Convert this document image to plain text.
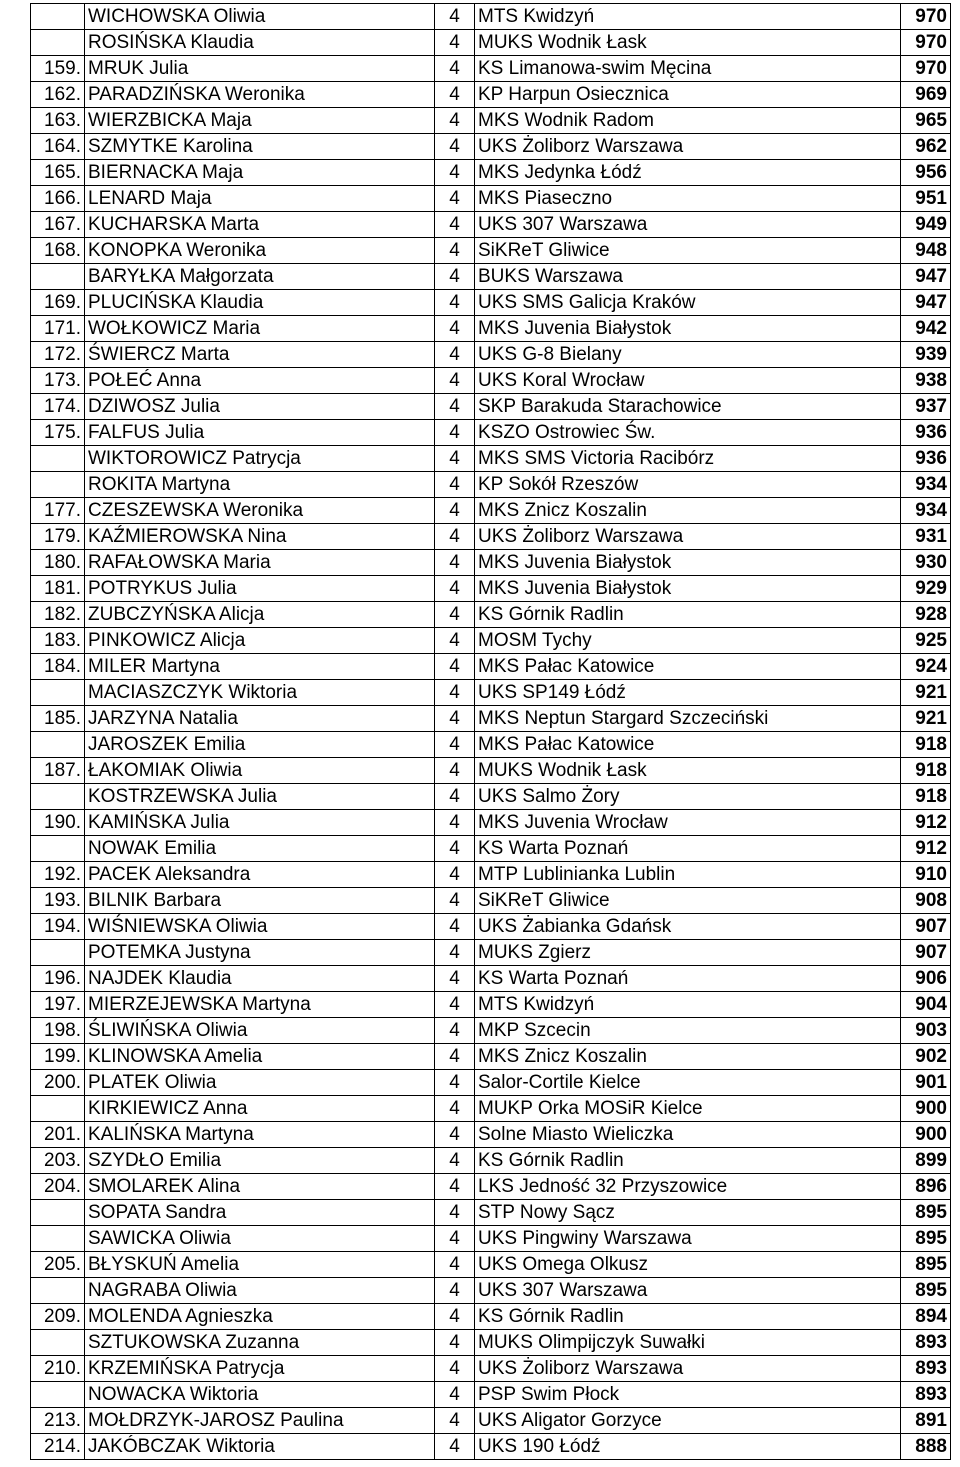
	WICHOWSKA Oliwia	4	MTS Kwidzyń	970
	ROSIŃSKA Klaudia	4	MUKS Wodnik Łask	970
159.	MRUK Julia	4	KS Limanowa-swim Męcina	970
162.	PARADZIŃSKA Weronika	4	KP Harpun Osiecznica	969
163.	WIERZBICKA Maja	4	MKS Wodnik Radom	965
164.	SZMYTKE Karolina	4	UKS Żoliborz Warszawa	962
165.	BIERNACKA Maja	4	MKS Jedynka Łódź	956
166.	LENARD Maja	4	MKS Piaseczno	951
167.	KUCHARSKA Marta	4	UKS 307 Warszawa	949
168.	KONOPKA Weronika	4	SiKReT Gliwice	948
	BARYŁKA Małgorzata	4	BUKS Warszawa	947
169.	PLUCIŃSKA Klaudia	4	UKS SMS Galicja Kraków	947
171.	WOŁKOWICZ Maria	4	MKS Juvenia Białystok	942
172.	ŚWIERCZ Marta	4	UKS G-8 Bielany	939
173.	POŁEĆ Anna	4	UKS Koral Wrocław	938
174.	DZIWOSZ Julia	4	SKP Barakuda Starachowice	937
175.	FALFUS Julia	4	KSZO Ostrowiec Św.	936
	WIKTOROWICZ Patrycja	4	MKS SMS Victoria Racibórz	936
	ROKITA Martyna	4	KP Sokół Rzeszów	934
177.	CZESZEWSKA Weronika	4	MKS Znicz Koszalin	934
179.	KAŹMIEROWSKA Nina	4	UKS Żoliborz Warszawa	931
180.	RAFAŁOWSKA Maria	4	MKS Juvenia Białystok	930
181.	POTRYKUS Julia	4	MKS Juvenia Białystok	929
182.	ZUBCZYŃSKA Alicja	4	KS Górnik Radlin	928
183.	PINKOWICZ Alicja	4	MOSM Tychy	925
184.	MILER Martyna	4	MKS Pałac Katowice	924
	MACIASZCZYK Wiktoria	4	UKS SP149 Łódź	921
185.	JARZYNA Natalia	4	MKS Neptun Stargard Szczeciński	921
	JAROSZEK Emilia	4	MKS Pałac Katowice	918
187.	ŁAKOMIAK Oliwia	4	MUKS Wodnik Łask	918
	KOSTRZEWSKA Julia	4	UKS Salmo Żory	918
190.	KAMIŃSKA Julia	4	MKS Juvenia Wrocław	912
	NOWAK Emilia	4	KS Warta Poznań	912
192.	PACEK Aleksandra	4	MTP Lublinianka Lublin	910
193.	BILNIK Barbara	4	SiKReT Gliwice	908
194.	WIŚNIEWSKA Oliwia	4	UKS Żabianka Gdańsk	907
	POTEMKA Justyna	4	MUKS Zgierz	907
196.	NAJDEK Klaudia	4	KS Warta Poznań	906
197.	MIERZEJEWSKA Martyna	4	MTS Kwidzyń	904
198.	ŚLIWIŃSKA Oliwia	4	MKP Szcecin	903
199.	KLINOWSKA Amelia	4	MKS Znicz Koszalin	902
200.	PLATEK Oliwia	4	Salor-Cortile Kielce	901
	KIRKIEWICZ Anna	4	MUKP Orka MOSiR Kielce	900
201.	KALIŃSKA Martyna	4	Solne Miasto Wieliczka	900
203.	SZYDŁO Emilia	4	KS Górnik Radlin	899
204.	SMOLAREK Alina	4	LKS Jedność 32 Przyszowice	896
	SOPATA Sandra	4	STP Nowy Sącz	895
	SAWICKA Oliwia	4	UKS Pingwiny Warszawa	895
205.	BŁYSKUŃ Amelia	4	UKS Omega Olkusz	895
	NAGRABA Oliwia	4	UKS 307 Warszawa	895
209.	MOLENDA Agnieszka	4	KS Górnik Radlin	894
	SZTUKOWSKA Zuzanna	4	MUKS Olimpijczyk Suwałki	893
210.	KRZEMIŃSKA Patrycja	4	UKS Żoliborz Warszawa	893
	NOWACKA Wiktoria	4	PSP Swim Płock	893
213.	MOŁDRZYK-JAROSZ Paulina	4	UKS Aligator Gorzyce	891
214.	JAKÓBCZAK Wiktoria	4	UKS 190 Łódź	888
